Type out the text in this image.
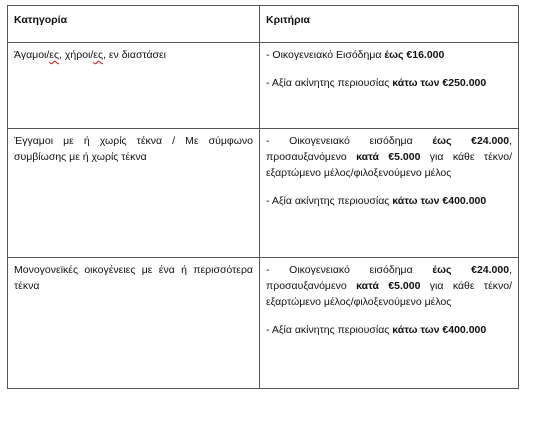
Κατηγορία	Κριτήρια
Άγαμοι/ες, χήροι/ες, εν διαστάσει	- Οικογενειακό Εισόδημα έως €16.000

- Αξία ακίνητης περιουσίας κάτω των €250.000

Έγγαμοι με ή χωρίς τέκνα / Με σύμφωνο συμβίωσης με ή χωρίς τέκνα	- Οικογενειακό εισόδημα έως €24.000, προσαυξανόμενο κατά €5.000 για κάθε τέκνο/εξαρτώμενο μέλος/φιλοξενούμενο μέλος

- Αξία ακίνητης περιουσίας κάτω των €400.000

Μονογονεϊκές οικογένειες με ένα ή περισσότερα τέκνα	- Οικογενειακό εισόδημα έως €24.000, προσαυξανόμενο κατά €5.000 για κάθε τέκνο/εξαρτώμενο μέλος/φιλοξενούμενο μέλος

- Αξία ακίνητης περιουσίας κάτω των €400.000
